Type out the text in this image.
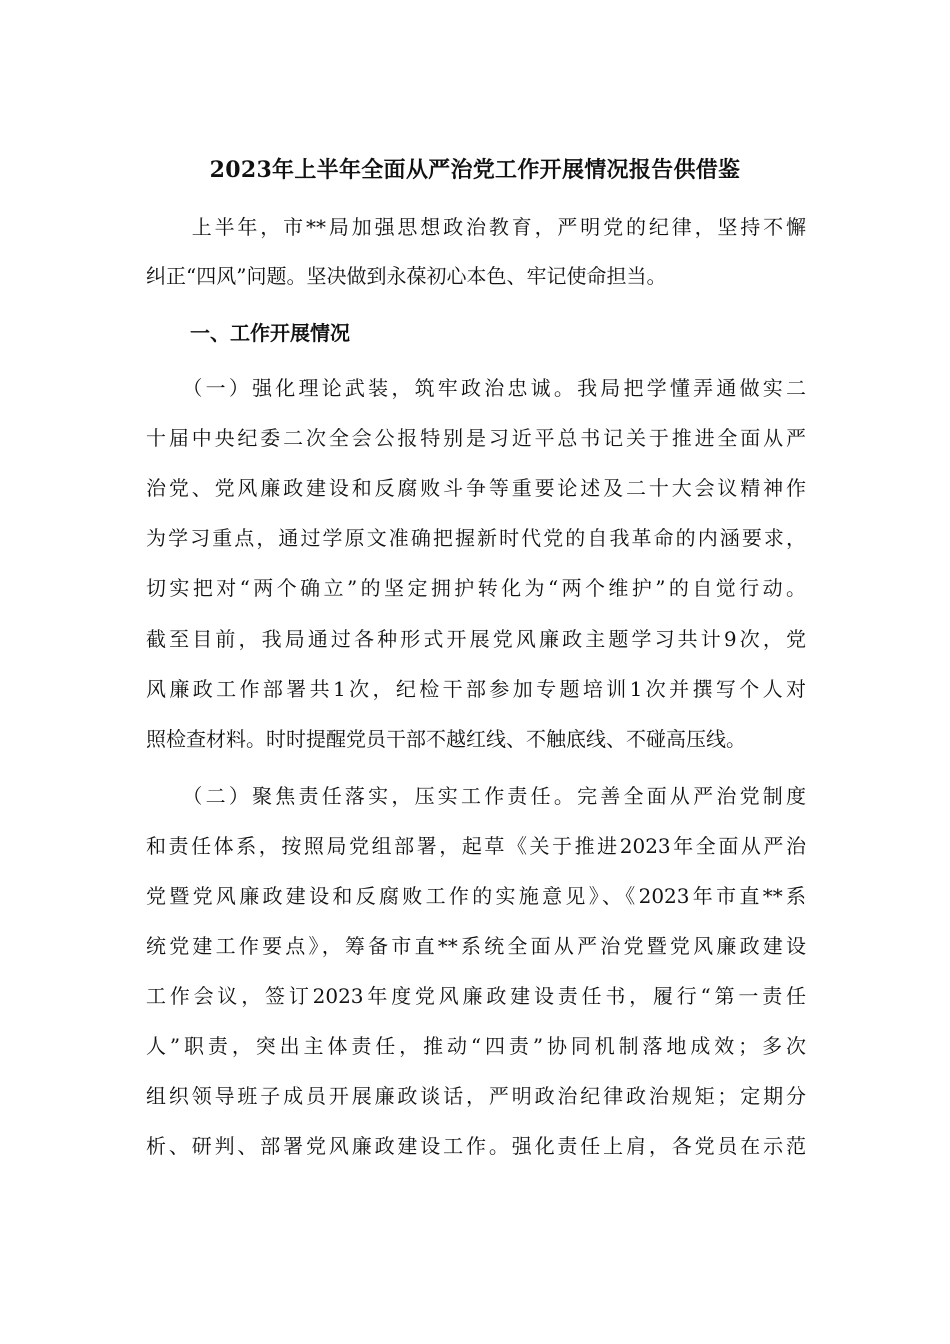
2023年上半年全面从严治党工作开展情况报告供借鉴
　　上半年，市**局加强思想政治教育，严明党的纪律，坚持不懈
纠正“四风”问题。坚决做到永葆初心本色、牢记使命担当。
一、工作开展情况
　　（一）强化理论武装，筑牢政治忠诚。我局把学懂弄通做实二
十届中央纪委二次全会公报特别是习近平总书记关于推进全面从严
治党、党风廉政建设和反腐败斗争等重要论述及二十大会议精神作
为学习重点，通过学原文准确把握新时代党的自我革命的内涵要求，
切实把对“两个确立”的坚定拥护转化为“两个维护”的自觉行动。
截至目前，我局通过各种形式开展党风廉政主题学习共计9次，党
风廉政工作部署共1次，纪检干部参加专题培训1次并撰写个人对
照检查材料。时时提醒党员干部不越红线、不触底线、不碰高压线。
　　（二）聚焦责任落实，压实工作责任。完善全面从严治党制度
和责任体系，按照局党组部署，起草《关于推进2023年全面从严治
党暨党风廉政建设和反腐败工作的实施意见》、《2023年市直**系
统党建工作要点》，筹备市直**系统全面从严治党暨党风廉政建设
工作会议，签订2023年度党风廉政建设责任书，履行“第一责任
人”职责，突出主体责任，推动“四责”协同机制落地成效；多次
组织领导班子成员开展廉政谈话，严明政治纪律政治规矩；定期分
析、研判、部署党风廉政建设工作。强化责任上肩，各党员在示范
